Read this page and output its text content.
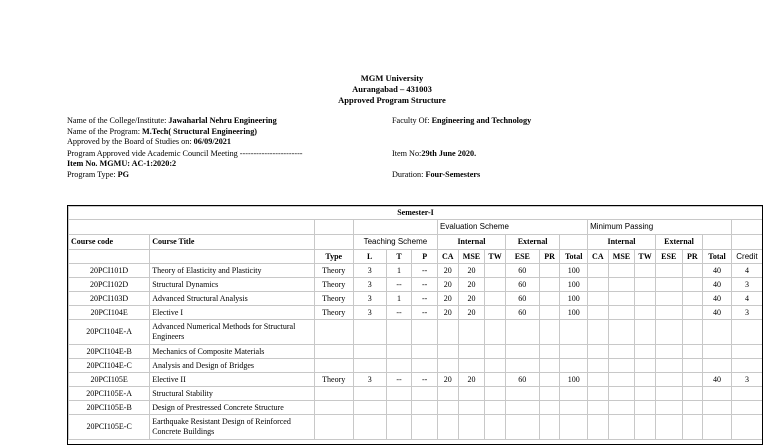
MGM University
Aurangabad – 431003
Approved Program Structure
Name of the College/Institute: Jawaharlal Nehru Engineering
Name of the Program: M.Tech( Structural Engineering)
Approved by the Board of Studies on: 06/09/2021
Program Approved vide Academic Council Meeting -----------------------
Item No. MGMU: AC-1:2020:2
Program Type: PG
Faculty Of: Engineering and Technology
Item No:29th June 2020.
Duration: Four-Semesters
Semester-I																		
						Evaluation Scheme						Minimum Passing						
Course code	Course Title		Teaching Scheme			Internal			External			Internal			External			
		Type	L	T	P	CA	MSE	TW	ESE	PR	Total	CA	MSE	TW	ESE	PR	Total	Credit
20PCI101D	Theory of Elasticity and Plasticity	Theory	3	1	--	20	20		60		100						40	4
20PCI102D	Structural Dynamics	Theory	3	--	--	20	20		60		100						40	3
20PCI103D	Advanced Structural Analysis	Theory	3	1	--	20	20		60		100						40	4
20PCI104E	Elective I	Theory	3	--	--	20	20		60		100						40	3
20PCI104E-A	Advanced Numerical Methods for Structural Engineers																	
20PCI104E-B	Mechanics of Composite Materials																	
20PCI104E-C	Analysis and Design of Bridges																	
20PCI105E	Elective II	Theory	3	--	--	20	20		60		100						40	3
20PCI105E-A	Structural Stability																	
20PCI105E-B	Design of Prestressed Concrete Structure																	
20PCI105E-C	Earthquake Resistant Design of Reinforced Concrete Buildings																	
